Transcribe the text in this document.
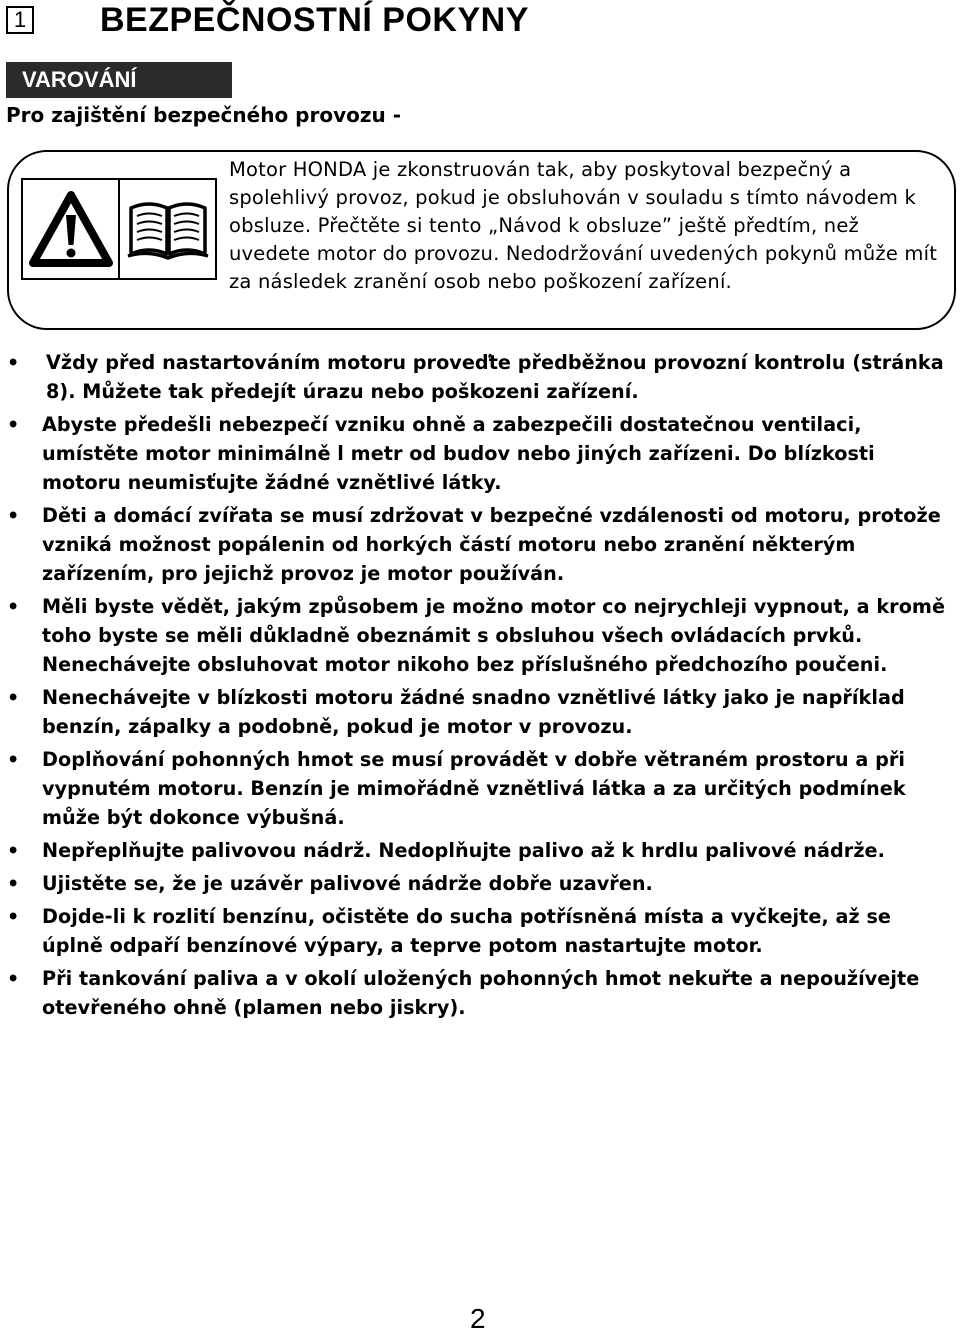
1 BEZPEČNOSTNÍ POKYNY
VAROVÁNÍ

Pro zajištění bezpečného provozu -

Motor HONDA je zkonstruován tak, aby poskytoval bezpečný a spolehlivý provoz, pokud je obsluhován v souladu s tímto návodem k obsluze. Přečtěte si tento „Návod k obsluze” ještě předtím, než uvedete motor do provozu. Nedodržování uvedených pokynů může mít za následek zranění osob nebo poškození zařízení.

• Vždy před nastartováním motoru proveďte předběžnou provozní kontrolu (stránka 8). Můžete tak předejít úrazu nebo poškozeni zařízení.
• Abyste předešli nebezpečí vzniku ohně a zabezpečili dostatečnou ventilaci, umístěte motor minimálně l metr od budov nebo jiných zařízeni. Do blízkosti motoru neumisťujte žádné vznětlivé látky.
• Děti a domácí zvířata se musí zdržovat v bezpečné vzdálenosti od motoru, protože vzniká možnost popálenin od horkých částí motoru nebo zranění některým zařízením, pro jejichž provoz je motor používán.
• Měli byste vědět, jakým způsobem je možno motor co nejrychleji vypnout, a kromě toho byste se měli důkladně obeznámit s obsluhou všech ovládacích prvků. Nenechávejte obsluhovat motor nikoho bez příslušného předchozího poučeni.
• Nenechávejte v blízkosti motoru žádné snadno vznětlivé látky jako je například benzín, zápalky a podobně, pokud je motor v provozu.
• Doplňování pohonných hmot se musí provádět v dobře větraném prostoru a při vypnutém motoru. Benzín je mimořádně vznětlivá látka a za určitých podmínek může být dokonce výbušná.
• Nepřeplňujte palivovou nádrž. Nedoplňujte palivo až k hrdlu palivové nádrže.
• Ujistěte se, že je uzávěr palivové nádrže dobře uzavřen.
• Dojde-li k rozlití benzínu, očistěte do sucha potřísněná místa a vyčkejte, až se úplně odpaří benzínové výpary, a teprve potom nastartujte motor.
• Při tankování paliva a v okolí uložených pohonných hmot nekuřte a nepoužívejte otevřeného ohně (plamen nebo jiskry).

2
